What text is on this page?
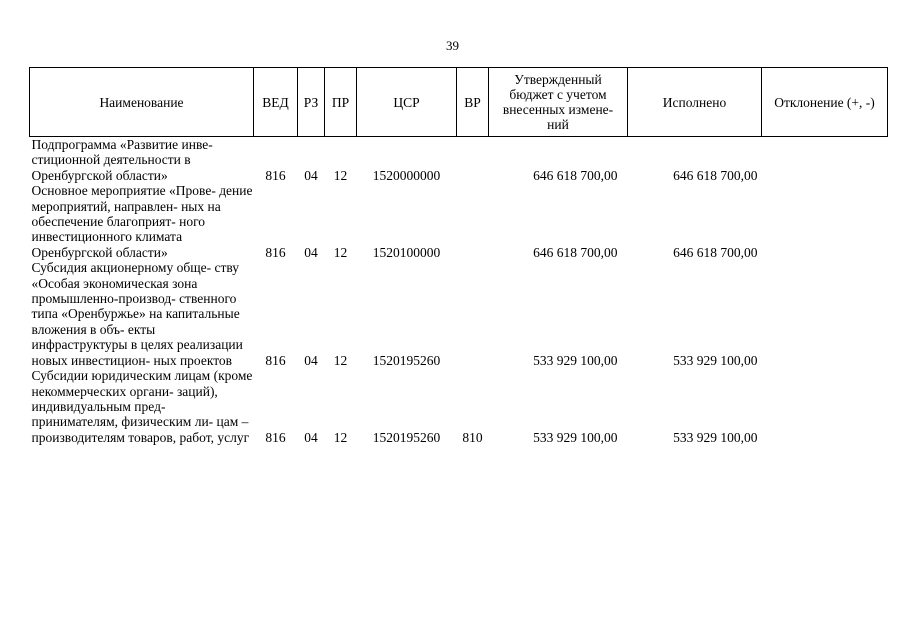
39
Наименование	ВЕД	РЗ	ПР	ЦСР	ВР	Утвержденный бюджет с учетом внесенных измене- ний	Исполнено	Отклонение (+, -)
Подпрограмма «Развитие инве- стиционной деятельности в Оренбургской области»	816	04	12	1520000000		646 618 700,00	646 618 700,00	
Основное мероприятие «Прове- дение мероприятий, направлен- ных на обеспечение благоприят- ного инвестиционного климата Оренбургской области»	816	04	12	1520100000		646 618 700,00	646 618 700,00	
Субсидия акционерному обще- ству «Особая экономическая зона промышленно-производ- ственного типа «Оренбуржье» на капитальные вложения в объ- екты инфраструктуры в целях реализации новых инвестицион- ных проектов	816	04	12	1520195260		533 929 100,00	533 929 100,00	
Субсидии юридическим лицам (кроме некоммерческих органи- заций), индивидуальным пред- принимателям, физическим ли- цам – производителям товаров, работ, услуг	816	04	12	1520195260	810	533 929 100,00	533 929 100,00	
